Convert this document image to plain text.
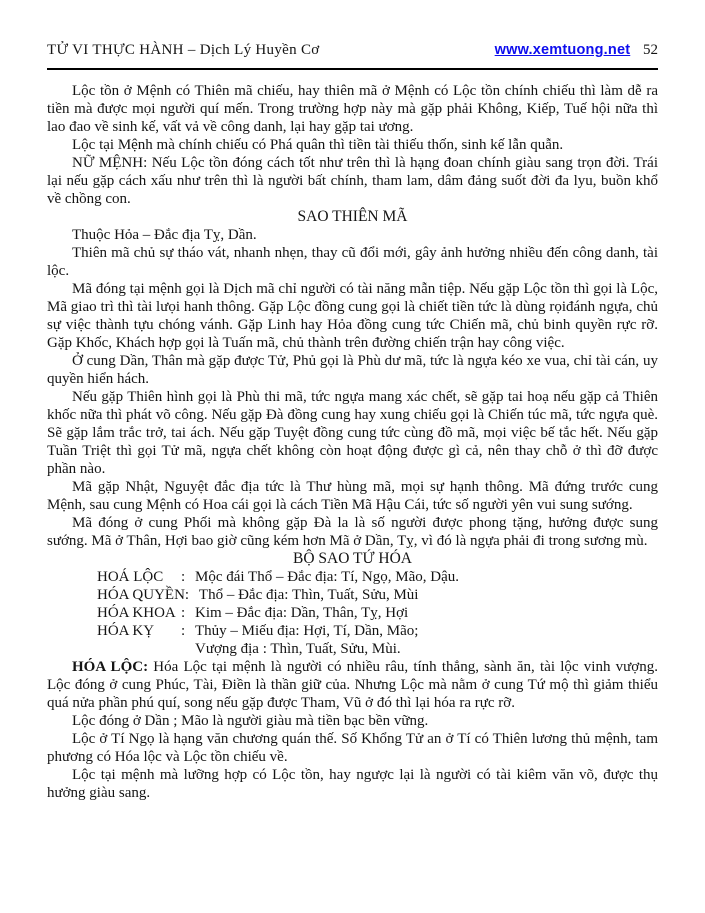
TỬ VI THỰC HÀNH – Dịch Lý Huyền Cơ	www.xemtuong.net 52

Lộc tồn ở Mệnh có Thiên mã chiếu, hay thiên mã ở Mệnh có Lộc tồn chính chiếu thì làm dễ ra tiền mà được mọi người quí mến. Trong trường hợp này mà gặp phải Không, Kiếp, Tuế hội nữa thì lao đao về sinh kế, vất vả về công danh, lại hay gặp tai ương.

Lộc tại Mệnh mà chính chiếu có Phá quân thì tiền tài thiếu thốn, sinh kế lẫn quẫn.

NỮ MỆNH: Nếu Lộc tồn đóng cách tốt như trên thì là hạng đoan chính giàu sang trọn đời. Trái lại nếu gặp cách xấu như trên thì là người bất chính, tham lam, dâm đảng suốt đời đa lyu, buồn khổ về chồng con.

SAO THIÊN MÃ

Thuộc Hỏa – Đắc địa Tỵ, Dần.

Thiên mã chủ sự tháo vát, nhanh nhẹn, thay cũ đổi mới, gây ảnh hưởng nhiều đến công danh, tài lộc.

Mã đóng tại mệnh gọi là Dịch mã chỉ người có tài năng mẫn tiệp. Nếu gặp Lộc tồn thì gọi là Lộc, Mã giao trì thì tài lưọi hanh thông. Gặp Lộc đồng cung gọi là chiết tiền tức là dùng rọiđánh ngựa, chủ sự việc thành tựu chóng vánh. Gặp Linh hay Hỏa đồng cung tức Chiến mã, chủ binh quyền rực rỡ. Gặp Khốc, Khách hợp gọi là Tuấn mã, chủ thành trên đường chiến trận hay công việc.

Ở cung Dần, Thân mà gặp được Tử, Phủ gọi là Phù dư mã, tức là ngựa kéo xe vua, chỉ tài cán, uy quyền hiển hách.

Nếu gặp Thiên hình gọi là Phù thi mã, tức ngựa mang xác chết, sẽ gặp tai hoạ nếu gặp cả Thiên khốc nữa thì phát võ công. Nếu gặp Đà đồng cung hay xung chiếu gọi là Chiến túc mã, tức ngựa què. Sẽ gặp lắm trắc trở, tai ách. Nếu gặp Tuyệt đồng cung tức cùng đồ mã, mọi việc bế tắc hết. Nếu gặp Tuần Triệt thì gọi Tử mã, ngựa chết không còn hoạt động được gì cả, nên thay chỗ ở thì đỡ được phần nào.

Mã gặp Nhật, Nguyệt đắc địa tức là Thư hùng mã, mọi sự hạnh thông. Mã đứng trước cung Mệnh, sau cung Mệnh có Hoa cái gọi là cách Tiền Mã Hậu Cái, tức số người yên vui sung sướng.

Mã đóng ở cung Phối mà không gặp Đà la là số người được phong tặng, hưởng được sung sướng. Mã ở Thân, Hợi bao giờ cũng kém hơn Mã ở Dần, Tỵ, vì đó là ngựa phải đi trong sương mù.

BỘ SAO TỨ HÓA
HOÁ LỘC	: Mộc đái Thổ – Đắc địa: Tí, Ngọ, Mão, Dậu.
HÓA QUYỀN : Thổ – Đắc địa: Thìn, Tuất, Sửu, Mùi
HÓA KHOA : Kim – Đắc địa: Dần, Thân, Tỵ, Hợi
HÓA KỴ	: Thủy – Miếu địa: Hợi, Tí, Dần, Mão;
Vượng địa : Thìn, Tuất, Sửu, Mùi.

HÓA LỘC: Hóa Lộc tại mệnh là người có nhiều râu, tính thẳng, sành ăn, tài lộc vinh vượng. Lộc đóng ở cung Phúc, Tài, Điền là thần giữ của. Nhưng Lộc mà nằm ở cung Tứ mộ thì giảm thiểu quá nửa phần phú quí, song nếu gặp được Tham, Vũ ở đó thì lại hóa ra rực rỡ.

Lộc đóng ở Dần ; Mão là người giàu mà tiền bạc bền vững.

Lộc ở Tí Ngọ là hạng văn chương quán thế. Số Khổng Tử an ở Tí có Thiên lương thủ mệnh, tam phương có Hóa lộc và Lộc tồn chiếu về.

Lộc tại mệnh mà lưỡng hợp có Lộc tồn, hay ngược lại là người có tài kiêm văn võ, được thụ hưởng giàu sang.
